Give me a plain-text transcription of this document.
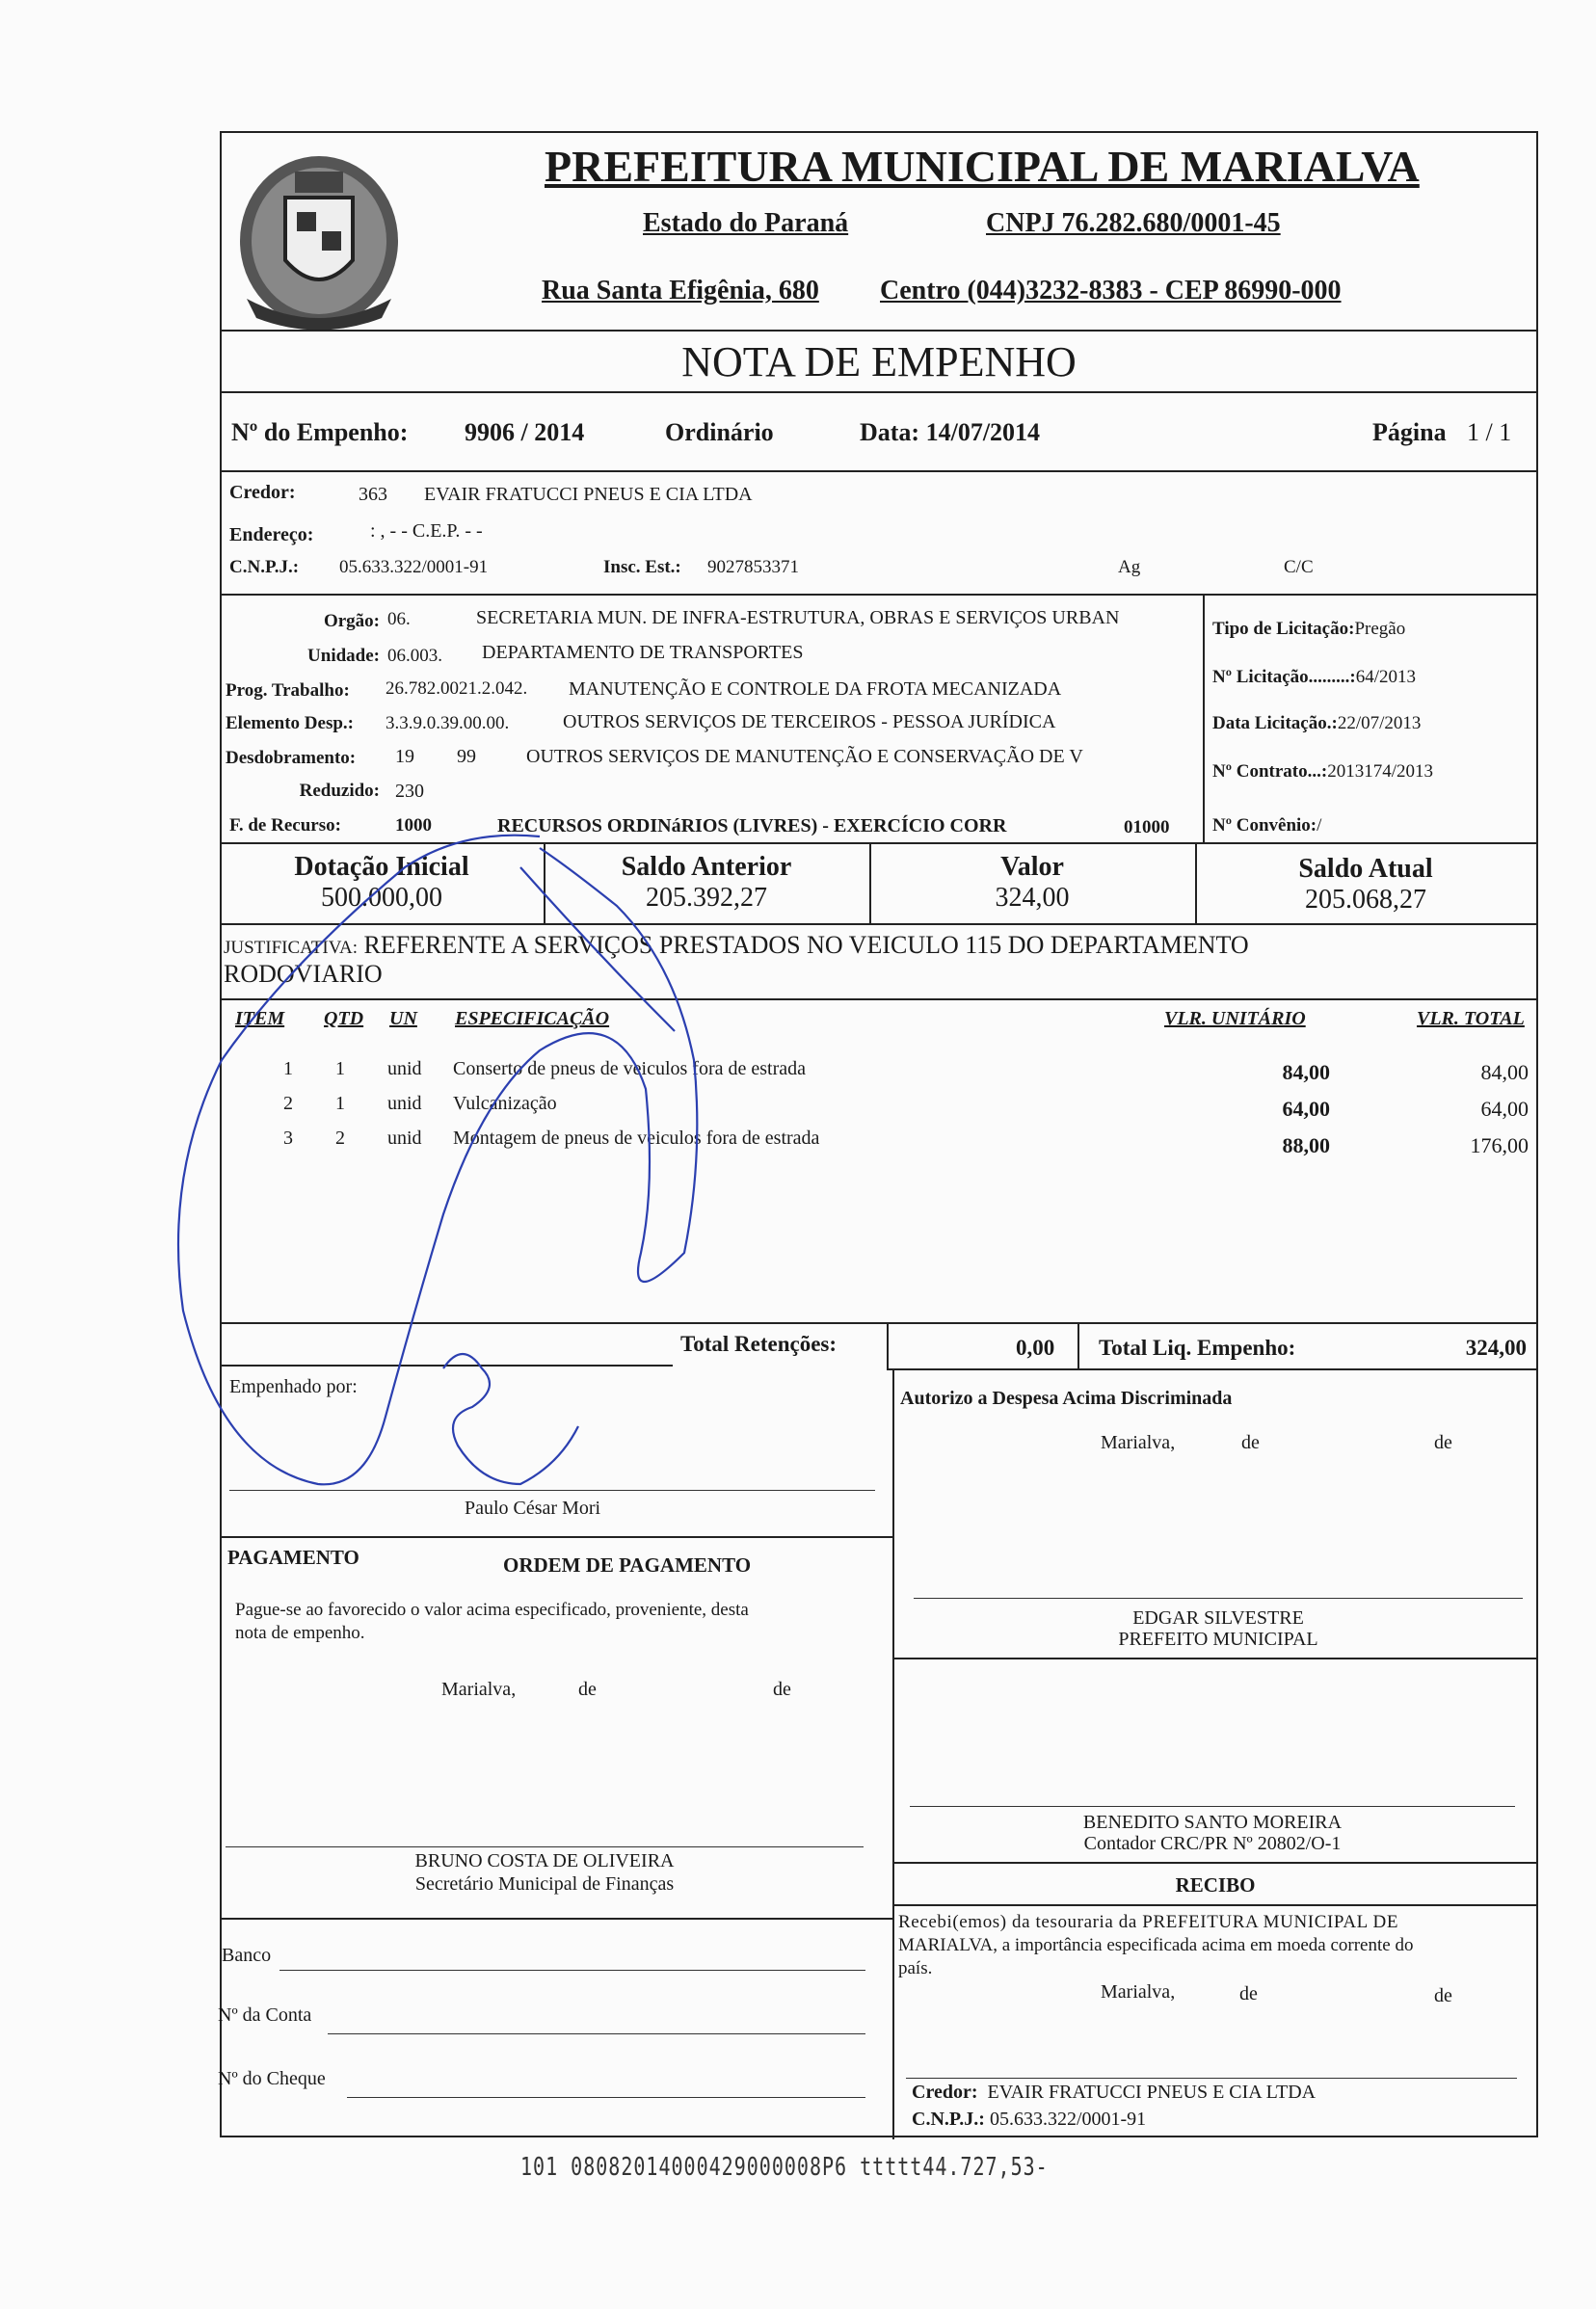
PREFEITURA MUNICIPAL DE MARIALVA
Estado do Paraná	CNPJ 76.282.680/0001-45
Rua Santa Efigênia, 680 Centro (044)3232-8383 - CEP 86990-000
NOTA DE EMPENHO
Nº do Empenho: 9906 / 2014	Ordinário	Data: 14/07/2014	Página 1 / 1
Credor:	363 EVAIR FRATUCCI PNEUS E CIA LTDA
Endereço:	: , - - C.E.P. - -
C.N.P.J.: 05.633.322/0001-91	Insc. Est.: 9027853371	Ag	C/C
Orgão: 06.	SECRETARIA MUN. DE INFRA-ESTRUTURA, OBRAS E SERVIÇOS URBAN
Unidade: 06.003. DEPARTAMENTO DE TRANSPORTES
Prog. Trabalho: 26.782.0021.2.042. MANUTENÇÃO E CONTROLE DA FROTA MECANIZADA
Elemento Desp.: 3.3.9.0.39.00.00.	OUTROS SERVIÇOS DE TERCEIROS - PESSOA JURÍDICA
Desdobramento: 19 99	OUTROS SERVIÇOS DE MANUTENÇÃO E CONSERVAÇÃO DE V
Reduzido: 230
F. de Recurso:	1000	RECURSOS ORDINáRIOS (LIVRES) - EXERCÍCIO CORR	01000
Tipo de Licitação:Pregão
Nº Licitação.........:64/2013
Data Licitação.:22/07/2013
Nº Contrato...:2013174/2013
Nº Convênio:/
Dotação Inicial
500.000,00
Saldo Anterior
205.392,27
Valor
324,00
Saldo Atual
205.068,27
JUSTIFICATIVA: REFERENTE A SERVIÇOS PRESTADOS NO VEICULO 115 DO DEPARTAMENTO
RODOVIARIO
ITEM QTD UN ESPECIFICAÇÃO	VLR. UNITÁRIO	VLR. TOTAL
1 1 unid Conserto de pneus de veiculos fora de estrada	84,00	84,00
2 1 unid Vulcanização	64,00	64,00
3 2 unid Montagem de pneus de veiculos fora de estrada	88,00	176,00
Total Retenções:	0,00 Total Liq. Empenho:	324,00
Empenhado por:
Paulo César Mori
Autorizo a Despesa Acima Discriminada
Marialva,	de	de
EDGAR SILVESTRE
PREFEITO MUNICIPAL
PAGAMENTO	ORDEM DE PAGAMENTO
Pague-se ao favorecido o valor acima especificado, proveniente, desta
nota de empenho.
Marialva,	de	de
BRUNO COSTA DE OLIVEIRA
Secretário Municipal de Finanças
Banco
Nº da Conta
Nº do Cheque
BENEDITO SANTO MOREIRA
Contador CRC/PR Nº 20802/O-1
RECIBO
Recebi(emos) da tesouraria da PREFEITURA MUNICIPAL DE
MARIALVA, a importância especificada acima em moeda corrente do
país.
Marialva,	de	de
Credor: EVAIR FRATUCCI PNEUS E CIA LTDA
C.N.P.J.: 05.633.322/0001-91
101 08082014000429000008P6 ttttt44.727,53-
